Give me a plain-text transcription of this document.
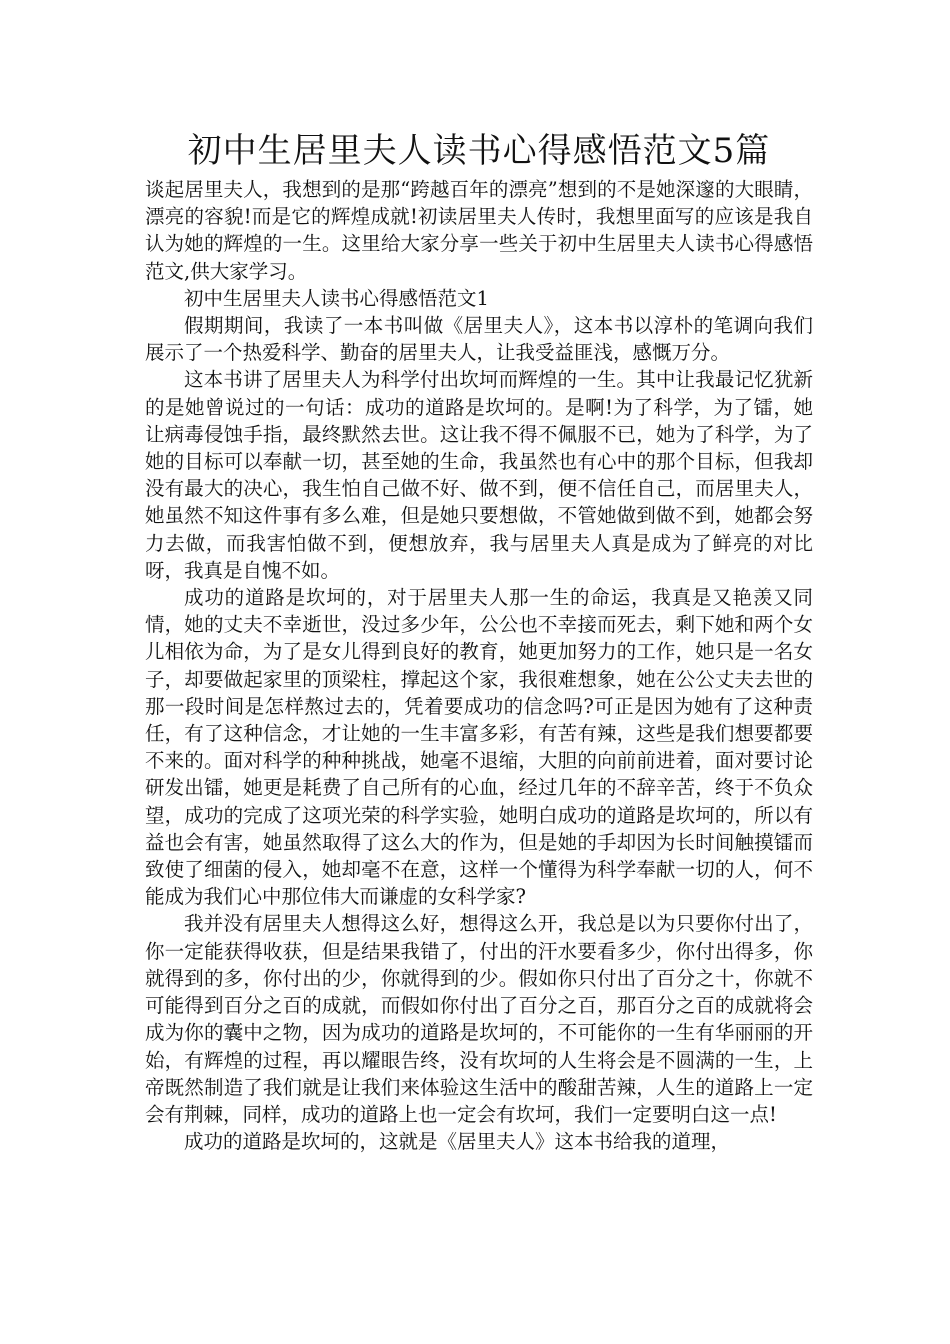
初中生居里夫人读书心得感悟范文5篇

谈起居里夫人，我想到的是那“跨越百年的漂亮”想到的不是她深邃的大眼睛，漂亮的容貌!而是它的辉煌成就!初读居里夫人传时，我想里面写的应该是我自认为她的辉煌的一生。这里给大家分享一些关于初中生居里夫人读书心得感悟范文,供大家学习。

初中生居里夫人读书心得感悟范文1

假期期间，我读了一本书叫做《居里夫人》，这本书以淳朴的笔调向我们展示了一个热爱科学、勤奋的居里夫人，让我受益匪浅，感慨万分。

这本书讲了居里夫人为科学付出坎坷而辉煌的一生。其中让我最记忆犹新的是她曾说过的一句话：成功的道路是坎坷的。是啊!为了科学，为了镭，她让病毒侵蚀手指，最终默然去世。这让我不得不佩服不已，她为了科学，为了她的目标可以奉献一切，甚至她的生命，我虽然也有心中的那个目标，但我却没有最大的决心，我生怕自己做不好、做不到，便不信任自己，而居里夫人，她虽然不知这件事有多么难，但是她只要想做，不管她做到做不到，她都会努力去做，而我害怕做不到，便想放弃，我与居里夫人真是成为了鲜亮的对比呀，我真是自愧不如。

成功的道路是坎坷的，对于居里夫人那一生的命运，我真是又艳羡又同情，她的丈夫不幸逝世，没过多少年，公公也不幸接而死去，剩下她和两个女儿相依为命，为了是女儿得到良好的教育，她更加努力的工作，她只是一名女子，却要做起家里的顶梁柱，撑起这个家，我很难想象，她在公公丈夫去世的那一段时间是怎样熬过去的，凭着要成功的信念吗?可正是因为她有了这种责任，有了这种信念，才让她的一生丰富多彩，有苦有辣，这些是我们想要都要不来的。面对科学的种种挑战，她毫不退缩，大胆的向前前进着，面对要讨论研发出镭，她更是耗费了自己所有的心血，经过几年的不辞辛苦，终于不负众望，成功的完成了这项光荣的科学实验，她明白成功的道路是坎坷的，所以有益也会有害，她虽然取得了这么大的作为，但是她的手却因为长时间触摸镭而致使了细菌的侵入，她却毫不在意，这样一个懂得为科学奉献一切的人，何不能成为我们心中那位伟大而谦虚的女科学家?

我并没有居里夫人想得这么好，想得这么开，我总是以为只要你付出了，你一定能获得收获，但是结果我错了，付出的汗水要看多少，你付出得多，你就得到的多，你付出的少，你就得到的少。假如你只付出了百分之十，你就不可能得到百分之百的成就，而假如你付出了百分之百，那百分之百的成就将会成为你的囊中之物，因为成功的道路是坎坷的，不可能你的一生有华丽丽的开始，有辉煌的过程，再以耀眼告终，没有坎坷的人生将会是不圆满的一生，上帝既然制造了我们就是让我们来体验这生活中的酸甜苦辣，人生的道路上一定会有荆棘，同样，成功的道路上也一定会有坎坷，我们一定要明白这一点!

成功的道路是坎坷的，这就是《居里夫人》这本书给我的道理，
